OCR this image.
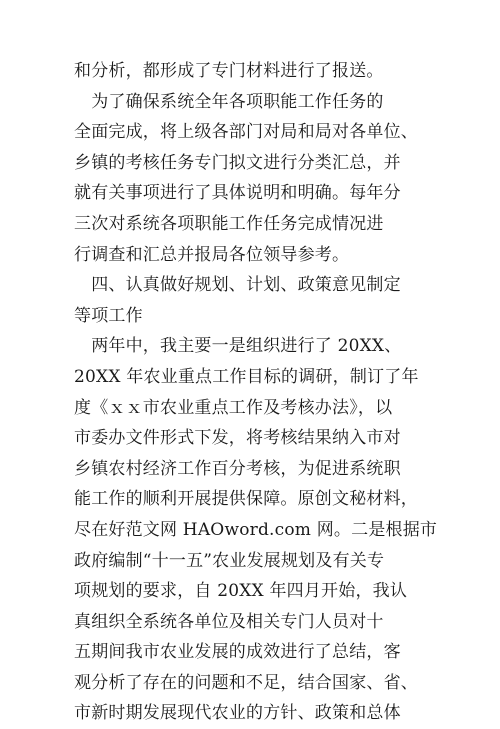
和分析，都形成了专门材料进行了报送。
　为了确保系统全年各项职能工作任务的
全面完成，将上级各部门对局和局对各单位、
乡镇的考核任务专门拟文进行分类汇总，并
就有关事项进行了具体说明和明确。每年分
三次对系统各项职能工作任务完成情况进
行调查和汇总并报局各位领导参考。
　四、认真做好规划、计划、政策意见制定
等项工作
　两年中，我主要一是组织进行了 20XX、
20XX 年农业重点工作目标的调研，制订了年
度《ｘｘ市农业重点工作及考核办法》，以
市委办文件形式下发，将考核结果纳入市对
乡镇农村经济工作百分考核，为促进系统职
能工作的顺利开展提供保障。原创文秘材料，
尽在好范文网 HAOword.com 网。二是根据市
政府编制“十一五”农业发展规划及有关专
项规划的要求，自 20XX 年四月开始，我认
真组织全系统各单位及相关专门人员对十
五期间我市农业发展的成效进行了总结，客
观分析了存在的问题和不足，结合国家、省、
市新时期发展现代农业的方针、政策和总体
